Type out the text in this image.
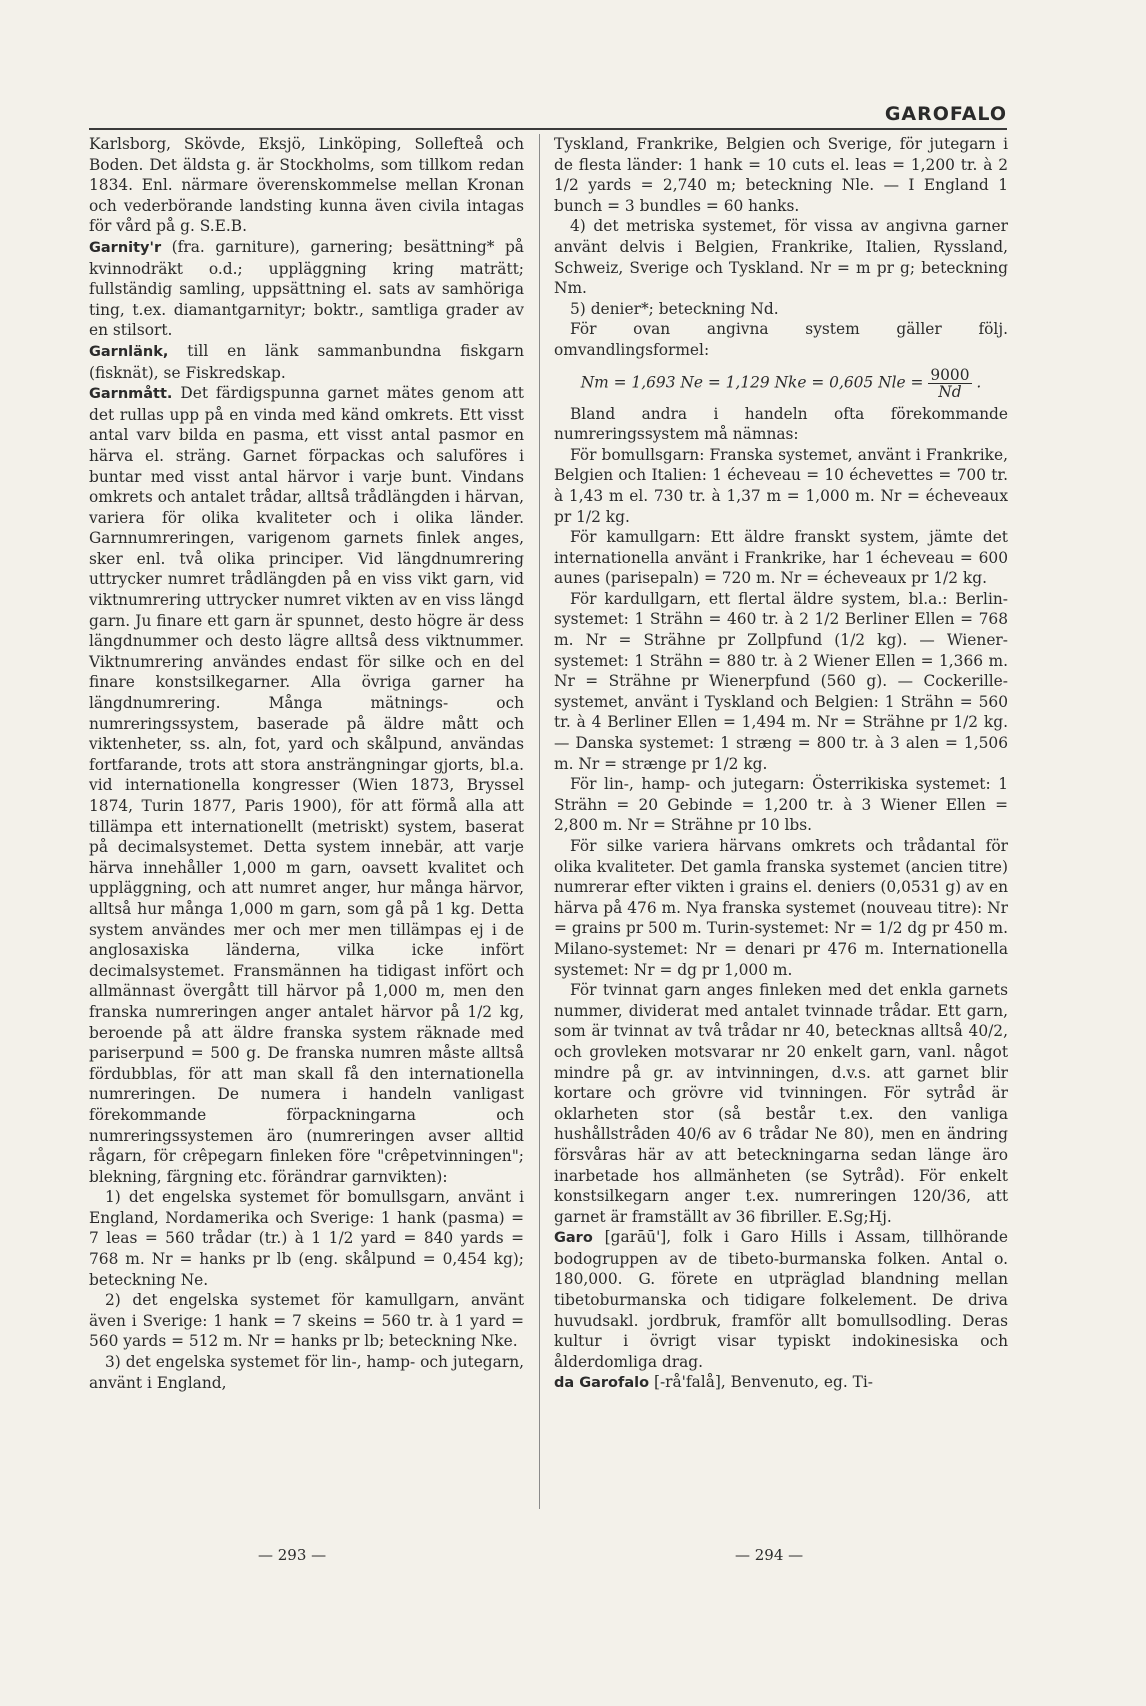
GAROFALO

Karlsborg, Skövde, Eksjö, Linköping, Sollefteå och Boden. Det äldsta g. är Stockholms, som tillkom redan 1834. Enl. närmare överenskommelse mellan Kronan och vederbörande landsting kunna även civila intagas för vård på g. S.E.B.

Garnity'r (fra. garniture), garnering; besättning* på kvinnodräkt o.d.; uppläggning kring maträtt; fullständig samling, uppsättning el. sats av samhöriga ting, t.ex. diamantgarnityr; boktr., samtliga grader av en stilsort.

Garnlänk, till en länk sammanbundna fiskgarn (fisknät), se Fiskredskap.

Garnmått. Det färdigspunna garnet mätes genom att det rullas upp på en vinda med känd omkrets. Ett visst antal varv bilda en pasma, ett visst antal pasmor en härva el. sträng. Garnet förpackas och saluföres i buntar med visst antal härvor i varje bunt. Vindans omkrets och antalet trådar, alltså trådlängden i härvan, variera för olika kvaliteter och i olika länder. Garnnumreringen, varigenom garnets finlek anges, sker enl. två olika principer. Vid längdnumrering uttrycker numret trådlängden på en viss vikt garn, vid viktnumrering uttrycker numret vikten av en viss längd garn. Ju finare ett garn är spunnet, desto högre är dess längdnummer och desto lägre alltså dess viktnummer. Viktnumrering användes endast för silke och en del finare konstsilkegarner. Alla övriga garner ha längdnumrering. Många mätnings- och numreringssystem, baserade på äldre mått och viktenheter, ss. aln, fot, yard och skålpund, användas fortfarande, trots att stora ansträngningar gjorts, bl.a. vid internationella kongresser (Wien 1873, Bryssel 1874, Turin 1877, Paris 1900), för att förmå alla att tillämpa ett internationellt (metriskt) system, baserat på decimalsystemet. Detta system innebär, att varje härva innehåller 1,000 m garn, oavsett kvalitet och uppläggning, och att numret anger, hur många härvor, alltså hur många 1,000 m garn, som gå på 1 kg. Detta system användes mer och mer men tillämpas ej i de anglosaxiska länderna, vilka icke infört decimalsystemet. Fransmännen ha tidigast infört och allmännast övergått till härvor på 1,000 m, men den franska numreringen anger antalet härvor på 1/2 kg, beroende på att äldre franska system räknade med pariserpund = 500 g. De franska numren måste alltså fördubblas, för att man skall få den internationella numreringen. De numera i handeln vanligast förekommande förpackningarna och numreringssystemen äro (numreringen avser alltid rågarn, för crêpegarn finleken före "crêpetvinningen"; blekning, färgning etc. förändrar garnvikten):

1) det engelska systemet för bomullsgarn, använt i England, Nordamerika och Sverige: 1 hank (pasma) = 7 leas = 560 trådar (tr.) à 1 1/2 yard = 840 yards = 768 m. Nr = hanks pr lb (eng. skålpund = 0,454 kg); beteckning Ne.

2) det engelska systemet för kamullgarn, använt även i Sverige: 1 hank = 7 skeins = 560 tr. à 1 yard = 560 yards = 512 m. Nr = hanks pr lb; beteckning Nke.

3) det engelska systemet för lin-, hamp- och jutegarn, använt i England,

Tyskland, Frankrike, Belgien och Sverige, för jutegarn i de flesta länder: 1 hank = 10 cuts el. leas = 1,200 tr. à 2 1/2 yards = 2,740 m; beteckning Nle. — I England 1 bunch = 3 bundles = 60 hanks.

4) det metriska systemet, för vissa av angivna garner använt delvis i Belgien, Frankrike, Italien, Ryssland, Schweiz, Sverige och Tyskland. Nr = m pr g; beteckning Nm.

5) denier*; beteckning Nd.

För ovan angivna system gäller följ. omvandlingsformel:

Nm = 1,693 Ne = 1,129 Nke = 0,605 Nle = $\frac{9000}{Nd}$ .

Bland andra i handeln ofta förekommande numreringssystem må nämnas:

För bomullsgarn: Franska systemet, använt i Frankrike, Belgien och Italien: 1 écheveau = 10 échevettes = 700 tr. à 1,43 m el. 730 tr. à 1,37 m = 1,000 m. Nr = écheveaux pr 1/2 kg.

För kamullgarn: Ett äldre franskt system, jämte det internationella använt i Frankrike, har 1 écheveau = 600 aunes (parisераln) = 720 m. Nr = écheveaux pr 1/2 kg.

För kardullgarn, ett flertal äldre system, bl.a.: Berlin-systemet: 1 Strähn = 460 tr. à 2 1/2 Berliner Ellen = 768 m. Nr = Strähne pr Zollpfund (1/2 kg). — Wiener-systemet: 1 Strähn = 880 tr. à 2 Wiener Ellen = 1,366 m. Nr = Strähne pr Wienerpfund (560 g). — Cockerille-systemet, använt i Tyskland och Belgien: 1 Strähn = 560 tr. à 4 Berliner Ellen = 1,494 m. Nr = Strähne pr 1/2 kg. — Danska systemet: 1 stræng = 800 tr. à 3 alen = 1,506 m. Nr = strænge pr 1/2 kg.

För lin-, hamp- och jutegarn: Österrikiska systemet: 1 Strähn = 20 Gebinde = 1,200 tr. à 3 Wiener Ellen = 2,800 m. Nr = Strähne pr 10 lbs.

För silke variera härvans omkrets och trådantal för olika kvaliteter. Det gamla franska systemet (ancien titre) numrerar efter vikten i grains el. deniers (0,0531 g) av en härva på 476 m. Nya franska systemet (nouveau titre): Nr = grains pr 500 m. Turin-systemet: Nr = 1/2 dg pr 450 m. Milano-systemet: Nr = denari pr 476 m. Internationella systemet: Nr = dg pr 1,000 m.

För tvinnat garn anges finleken med det enkla garnets nummer, dividerat med antalet tvinnade trådar. Ett garn, som är tvinnat av två trådar nr 40, betecknas alltså 40/2, och grovleken motsvarar nr 20 enkelt garn, vanl. något mindre på gr. av intvinningen, d.v.s. att garnet blir kortare och grövre vid tvinningen. För sytråd är oklarheten stor (så består t.ex. den vanliga hushållstråden 40/6 av 6 trådar Ne 80), men en ändring försvåras här av att beteckningarna sedan länge äro inarbetade hos allmänheten (se Sytråd). För enkelt konstsilkegarn anger t.ex. numreringen 120/36, att garnet är framställt av 36 fibriller. E.Sg;Hj.

Garo [garāū'], folk i Garo Hills i Assam, tillhörande bodogruppen av de tibeto-burmanska folken. Antal o. 180,000. G. förete en utpräglad blandning mellan tibetoburmanska och tidigare folkelement. De driva huvudsakl. jordbruk, framför allt bomullsodling. Deras kultur i övrigt visar typiskt indokinesiska och ålderdomliga drag.

da Garofalo [-rå'falå], Benvenuto, eg. Ti-

— 293 —	— 294 —
